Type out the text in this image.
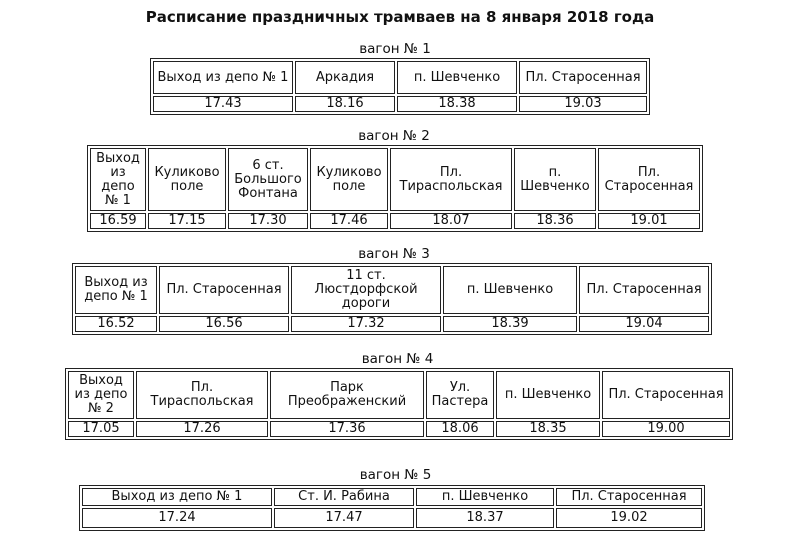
Расписание праздничных трамваев на 8 января 2018 года
вагон № 1
Выход из депо № 1	Аркадия	п. Шевченко	Пл. Старосенная
17.43	18.16	18.38	19.03
вагон № 2
Выход из депо № 1	Куликово поле	6 ст. Большого Фонтана	Куликово поле	Пл. Тираспольская	п. Шевченко	Пл. Старосенная
16.59	17.15	17.30	17.46	18.07	18.36	19.01
вагон № 3
Выход из депо № 1	Пл. Старосенная	11 ст. Люстдорфской дороги	п. Шевченко	Пл. Старосенная
16.52	16.56	17.32	18.39	19.04
вагон № 4
Выход из депо № 2	Пл. Тираспольская	Парк Преображенский	Ул. Пастера	п. Шевченко	Пл. Старосенная
17.05	17.26	17.36	18.06	18.35	19.00
вагон № 5
Выход из депо № 1	Ст. И. Рабина	п. Шевченко	Пл. Старосенная
17.24	17.47	18.37	19.02
